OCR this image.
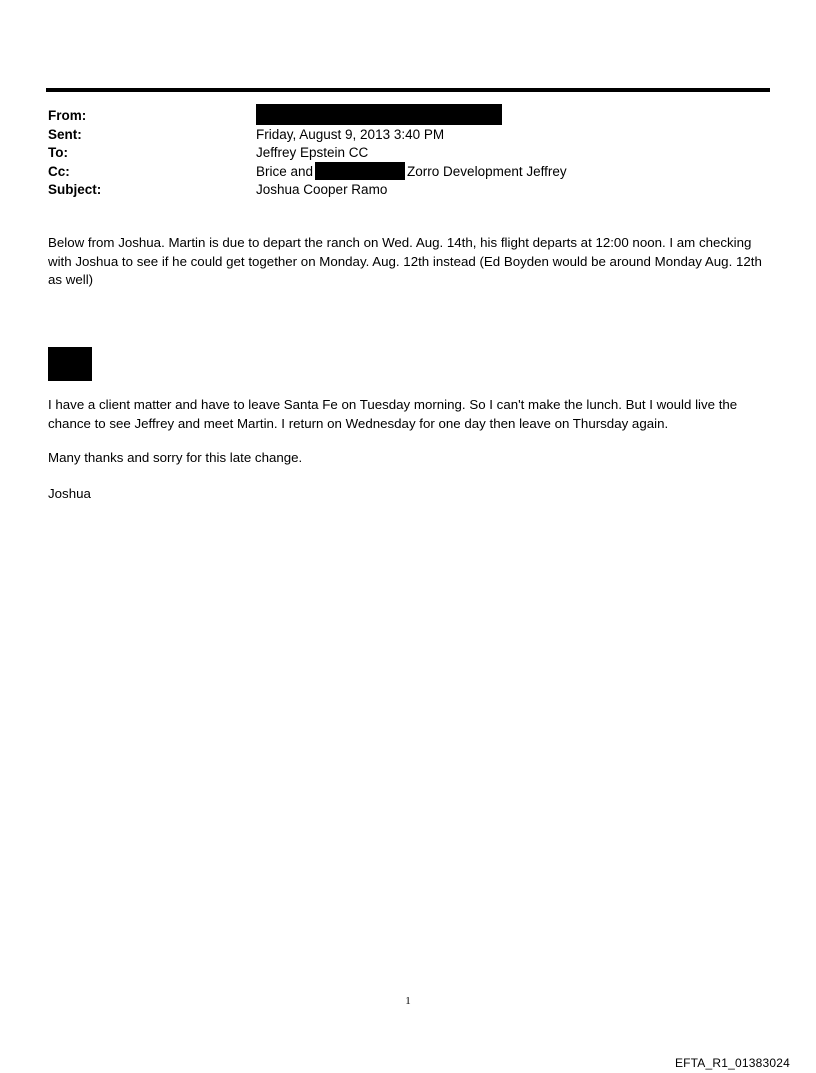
From:
Sent:	Friday, August 9, 2013 3:40 PM
To:	Jeffrey Epstein CC
Cc:	Brice and	Zorro Development Jeffrey
Subject:	Joshua Cooper Ramo
Below from Joshua. Martin is due to depart the ranch on Wed. Aug. 14th, his flight departs at 12:00 noon. I am checking with Joshua to see if he could get together on Monday. Aug. 12th instead (Ed Boyden would be around Monday Aug. 12th as well)
I have a client matter and have to leave Santa Fe on Tuesday morning. So I can't make the lunch. But I would live the chance to see Jeffrey and meet Martin. I return on Wednesday for one day then leave on Thursday again.
Many thanks and sorry for this late change.
Joshua
1
EFTA_R1_01383024
